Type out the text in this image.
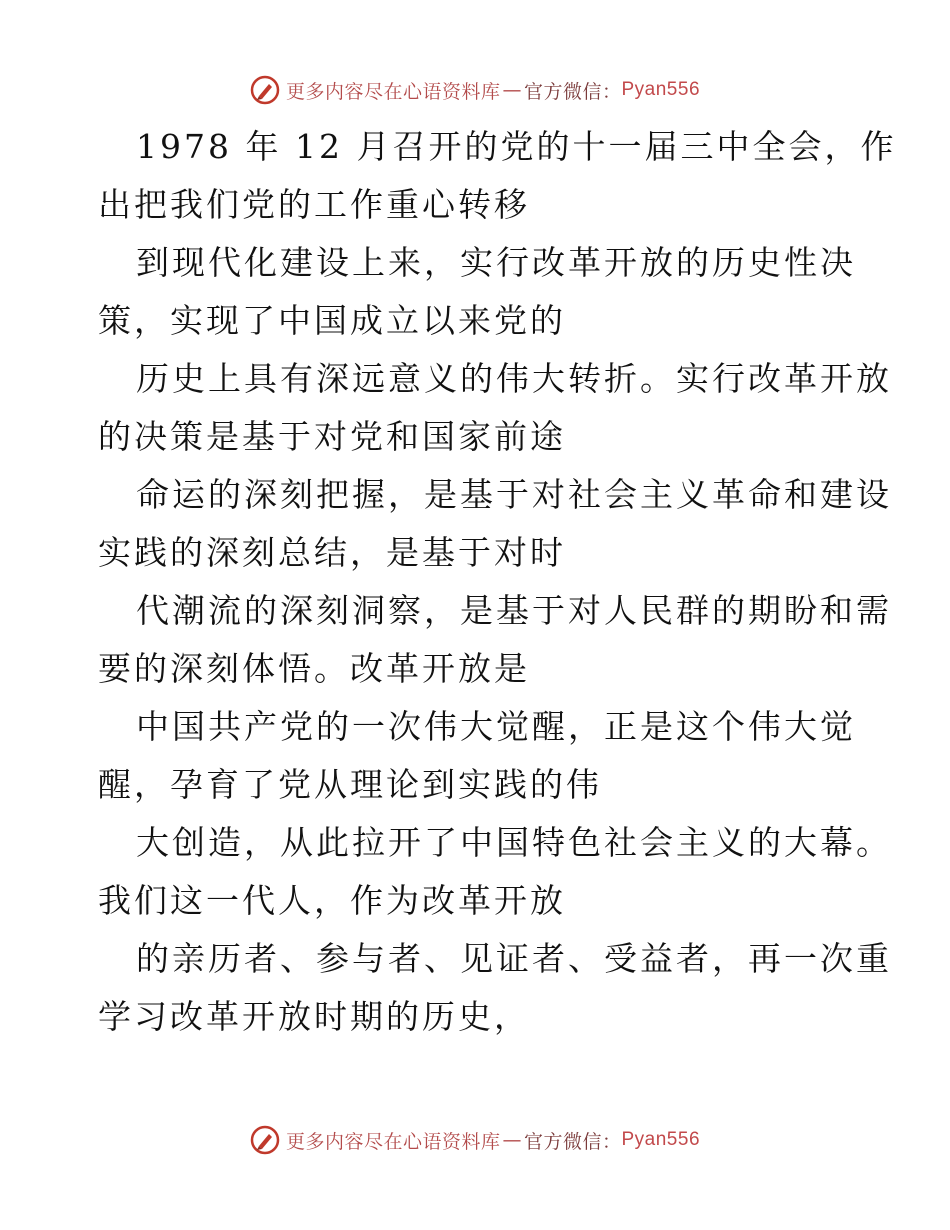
更多内容尽在心语资料库 — 官方微信： Pyan556
1978 年 12 月召开的党的十一届三中全会，作
出把我们党的工作重心转移
到现代化建设上来，实行改革开放的历史性决
策，实现了中国成立以来党的
历史上具有深远意义的伟大转折。实行改革开放
的决策是基于对党和国家前途
命运的深刻把握，是基于对社会主义革命和建设
实践的深刻总结，是基于对时
代潮流的深刻洞察，是基于对人民群的期盼和需
要的深刻体悟。改革开放是
中国共产党的一次伟大觉醒，正是这个伟大觉
醒，孕育了党从理论到实践的伟
大创造，从此拉开了中国特色社会主义的大幕。
我们这一代人，作为改革开放
的亲历者、参与者、见证者、受益者，再一次重
学习改革开放时期的历史，
更多内容尽在心语资料库 — 官方微信： Pyan556
